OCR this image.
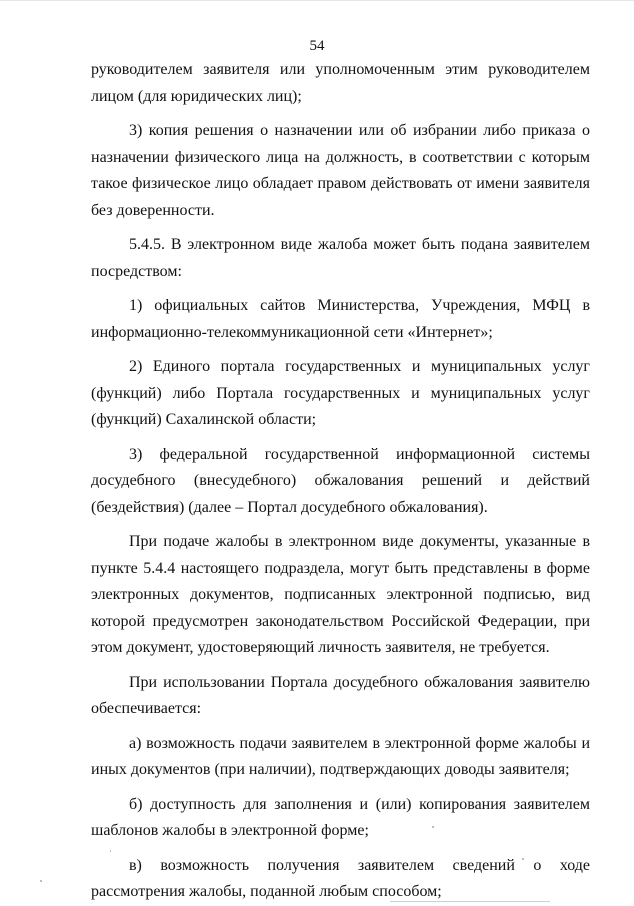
54

руководителем заявителя или уполномоченным этим руководителем лицом (для юридических лиц);

3) копия решения о назначении или об избрании либо приказа о назначении физического лица на должность, в соответствии с которым такое физическое лицо обладает правом действовать от имени заявителя без доверенности.

5.4.5. В электронном виде жалоба может быть подана заявителем посредством:

1) официальных сайтов Министерства, Учреждения, МФЦ в информационно-телекоммуникационной сети «Интернет»;

2) Единого портала государственных и муниципальных услуг (функций) либо Портала государственных и муниципальных услуг (функций) Сахалинской области;

3) федеральной государственной информационной системы досудебного (внесудебного) обжалования решений и действий (бездействия) (далее – Портал досудебного обжалования).

При подаче жалобы в электронном виде документы, указанные в пункте 5.4.4 настоящего подраздела, могут быть представлены в форме электронных документов, подписанных электронной подписью, вид которой предусмотрен законодательством Российской Федерации, при этом документ, удостоверяющий личность заявителя, не требуется.

При использовании Портала досудебного обжалования заявителю обеспечивается:

а) возможность подачи заявителем в электронной форме жалобы и иных документов (при наличии), подтверждающих доводы заявителя;

б) доступность для заполнения и (или) копирования заявителем шаблонов жалобы в электронной форме;

в) возможность получения заявителем сведений о ходе рассмотрения жалобы, поданной любым способом;
